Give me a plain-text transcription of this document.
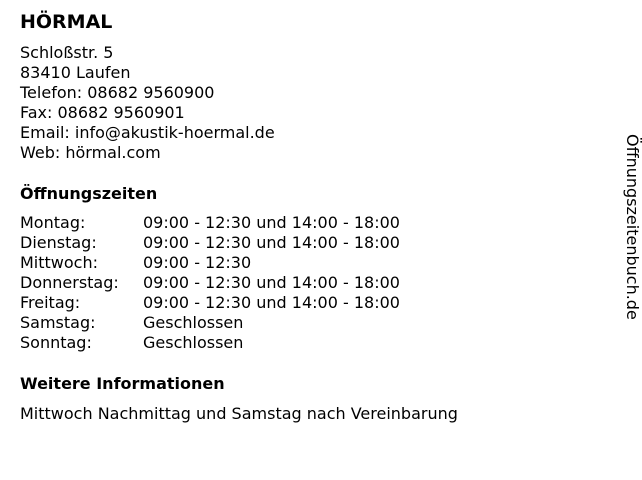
HÖRMAL
Schloßstr. 5
83410 Laufen
Telefon: 08682 9560900
Fax: 08682 9560901
Email: info@akustik-hoermal.de
Web: hörmal.com
Öffnungszeiten
Montag:	09:00 - 12:30 und 14:00 - 18:00
Dienstag:	09:00 - 12:30 und 14:00 - 18:00
Mittwoch:	09:00 - 12:30
Donnerstag:	09:00 - 12:30 und 14:00 - 18:00
Freitag:	09:00 - 12:30 und 14:00 - 18:00
Samstag:	Geschlossen
Sonntag:	Geschlossen
Weitere Informationen
Mittwoch Nachmittag und Samstag nach Vereinbarung
Öffnungszeitenbuch.de
